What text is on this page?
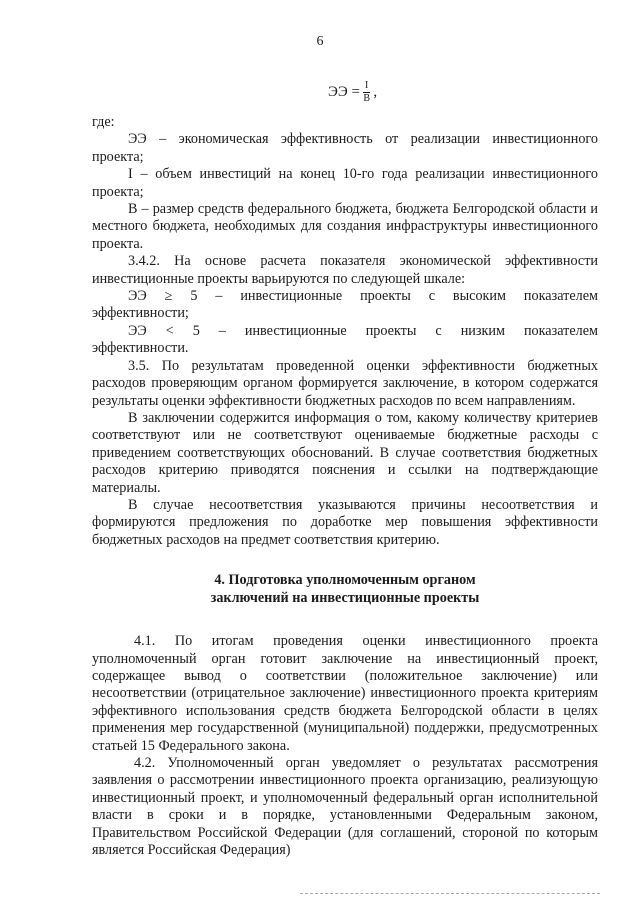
6
ЭЭ = $\frac{I}{В}$ ,

где:

ЭЭ – экономическая эффективность от реализации инвестиционного проекта;

I – объем инвестиций на конец 10-го года реализации инвестиционного проекта;

В – размер средств федерального бюджета, бюджета Белгородской области и местного бюджета, необходимых для создания инфраструктуры инвестиционного проекта.

3.4.2. На основе расчета показателя экономической эффективности инвестиционные проекты варьируются по следующей шкале:

ЭЭ ≥ 5 – инвестиционные проекты с высоким показателем

эффективности;

ЭЭ < 5 – инвестиционные проекты с низким показателем

эффективности.

3.5. По результатам проведенной оценки эффективности бюджетных расходов проверяющим органом формируется заключение, в котором содержатся результаты оценки эффективности бюджетных расходов по всем направлениям.

В заключении содержится информация о том, какому количеству критериев соответствуют или не соответствуют оцениваемые бюджетные расходы с приведением соответствующих обоснований. В случае соответствия бюджетных расходов критерию приводятся пояснения и ссылки на подтверждающие материалы.

В случае несоответствия указываются причины несоответствия и формируются предложения по доработке мер повышения эффективности бюджетных расходов на предмет соответствия критерию.

4. Подготовка уполномоченным органом
заключений на инвестиционные проекты

4.1. По итогам проведения оценки инвестиционного проекта уполномоченный орган готовит заключение на инвестиционный проект, содержащее вывод о соответствии (положительное заключение) или несоответствии (отрицательное заключение) инвестиционного проекта критериям эффективного использования средств бюджета Белгородской области в целях применения мер государственной (муниципальной) поддержки, предусмотренных статьей 15 Федерального закона.

4.2. Уполномоченный орган уведомляет о результатах рассмотрения заявления о рассмотрении инвестиционного проекта организацию, реализующую инвестиционный проект, и уполномоченный федеральный орган исполнительной власти в сроки и в порядке, установленными Федеральным законом, Правительством Российской Федерации (для соглашений, стороной по которым является Российская Федерация)
